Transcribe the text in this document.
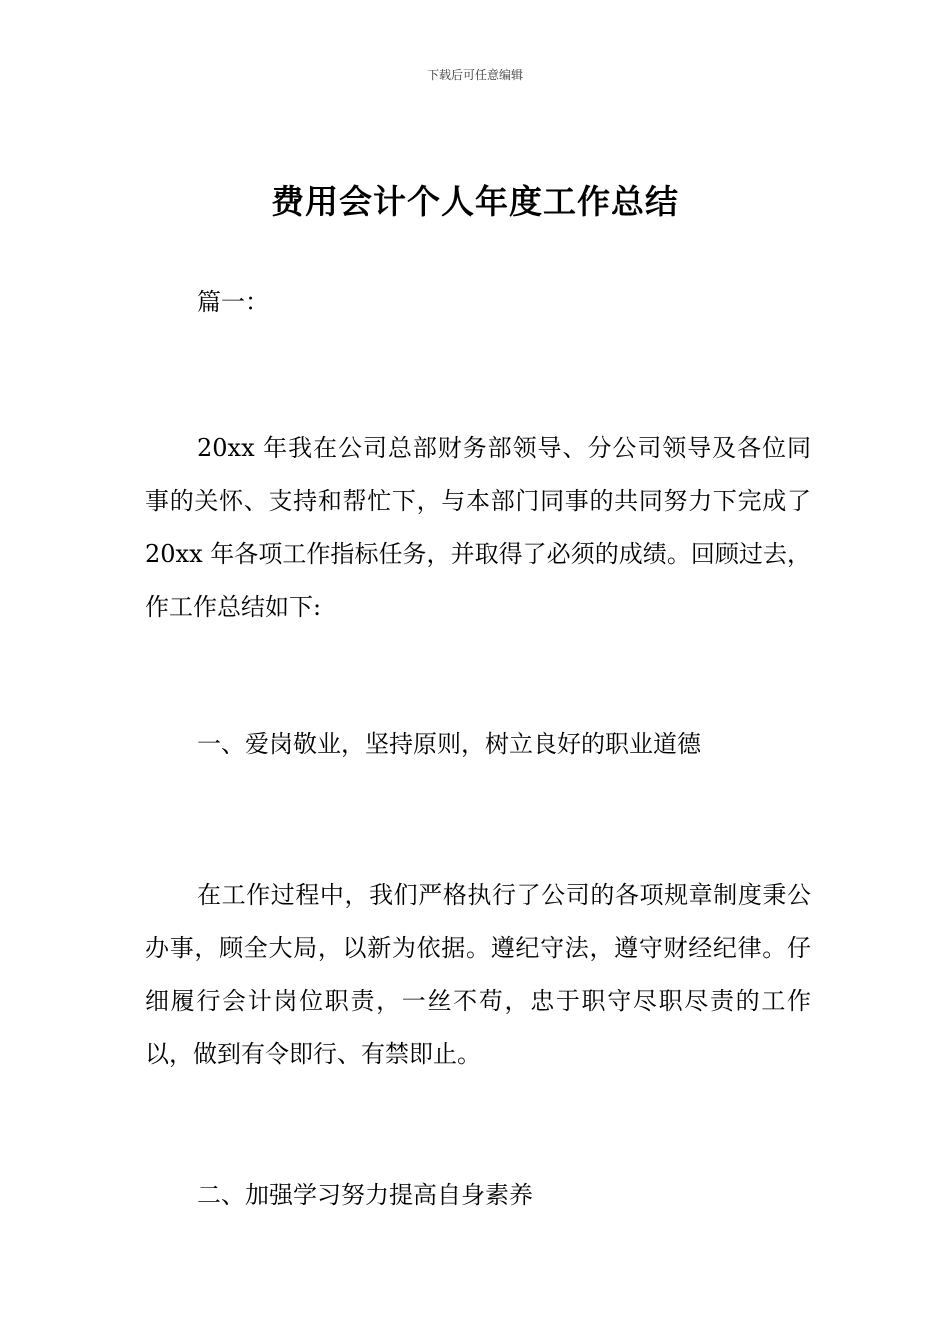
下载后可任意编辑
费用会计个人年度工作总结

篇一：

20xx 年我在公司总部财务部领导、分公司领导及各位同事的关怀、支持和帮忙下，与本部门同事的共同努力下完成了 20xx 年各项工作指标任务，并取得了必须的成绩。回顾过去，作工作总结如下:

一、爱岗敬业，坚持原则，树立良好的职业道德

在工作过程中，我们严格执行了公司的各项规章制度秉公办事，顾全大局，以新为依据。遵纪守法，遵守财经纪律。仔细履行会计岗位职责，一丝不苟，忠于职守尽职尽责的工作以，做到有令即行、有禁即止。

二、加强学习努力提高自身素养
